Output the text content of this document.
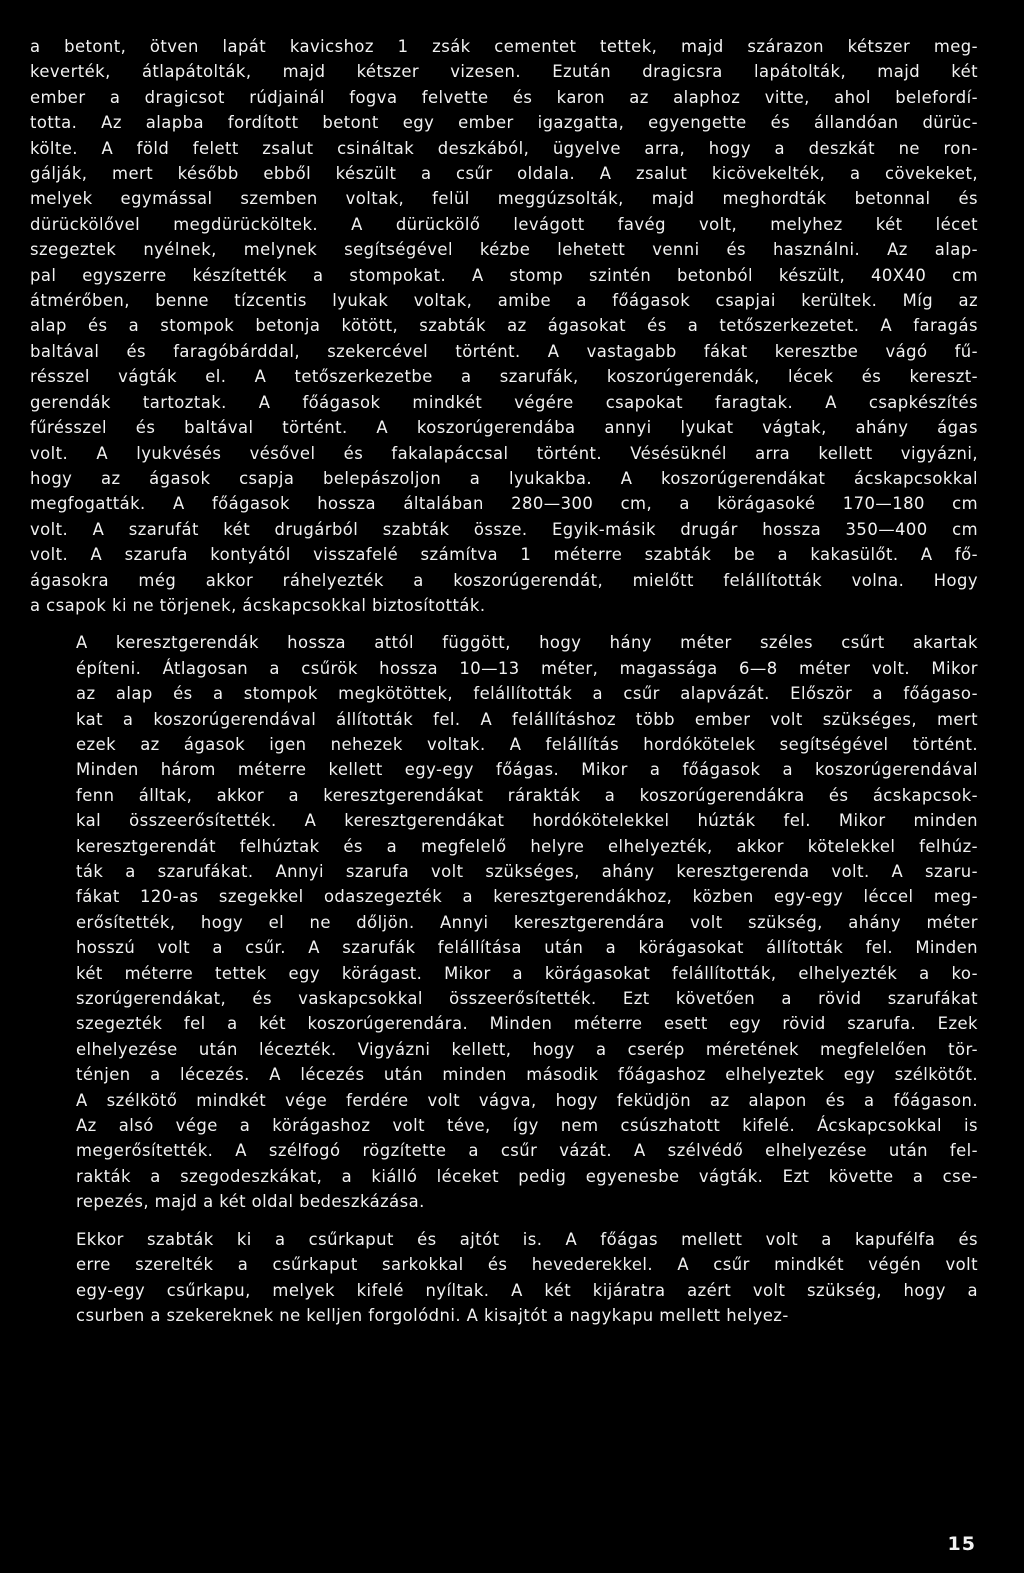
a betont, ötven lapát kavicshoz 1 zsák cementet tettek, majd szárazon kétszer meg-
keverték, átlapátolták, majd kétszer vizesen. Ezután dragicsra lapátolták, majd két
ember a dragicsot rúdjainál fogva felvette és karon az alaphoz vitte, ahol belefordí-
totta. Az alapba fordított betont egy ember igazgatta, egyengette és állandóan dürüc-
költe. A föld felett zsalut csináltak deszkából, ügyelve arra, hogy a deszkát ne ron-
gálják, mert később ebből készült a csűr oldala. A zsalut kicövekelték, a cövekeket,
melyek egymással szemben voltak, felül meggúzsolták, majd meghordták betonnal és
dürückölővel megdürücköltek. A dürückölő levágott favég volt, melyhez két lécet
szegeztek nyélnek, melynek segítségével kézbe lehetett venni és használni. Az alap-
pal egyszerre készítették a stompokat. A stomp szintén betonból készült, 40X40 cm
átmérőben, benne tízcentis lyukak voltak, amibe a főágasok csapjai kerültek. Míg az
alap és a stompok betonja kötött, szabták az ágasokat és a tetőszerkezetet. A faragás
baltával és faragóbárddal, szekercével történt. A vastagabb fákat keresztbe vágó fű-
résszel vágták el. A tetőszerkezetbe a szarufák, koszorúgerendák, lécek és kereszt-
gerendák tartoztak. A főágasok mindkét végére csapokat faragtak. A csapkészítés
fűrésszel és baltával történt. A koszorúgerendába annyi lyukat vágtak, ahány ágas
volt. A lyukvésés vésővel és fakalapáccsal történt. Vésésüknél arra kellett vigyázni,
hogy az ágasok csapja belepászoljon a lyukakba. A koszorúgerendákat ácskapcsokkal
megfogatták. A főágasok hossza általában 280—300 cm, a körágasoké 170—180 cm
volt. A szarufát két drugárból szabták össze. Egyik-másik drugár hossza 350—400 cm
volt. A szarufa kontyától visszafelé számítva 1 méterre szabták be a kakasülőt. A fő-
ágasokra még akkor ráhelyezték a koszorúgerendát, mielőtt felállították volna. Hogy
a csapok ki ne törjenek, ácskapcsokkal biztosították.

A keresztgerendák hossza attól függött, hogy hány méter széles csűrt akartak
építeni. Átlagosan a csűrök hossza 10—13 méter, magassága 6—8 méter volt. Mikor
az alap és a stompok megkötöttek, felállították a csűr alapvázát. Először a főágaso-
kat a koszorúgerendával állították fel. A felállításhoz több ember volt szükséges, mert
ezek az ágasok igen nehezek voltak. A felállítás hordókötelek segítségével történt.
Minden három méterre kellett egy-egy főágas. Mikor a főágasok a koszorúgerendával
fenn álltak, akkor a keresztgerendákat rárakták a koszorúgerendákra és ácskapcsok-
kal összeerősítették. A keresztgerendákat hordókötelekkel húzták fel. Mikor minden
keresztgerendát felhúztak és a megfelelő helyre elhelyezték, akkor kötelekkel felhúz-
ták a szarufákat. Annyi szarufa volt szükséges, ahány keresztgerenda volt. A szaru-
fákat 120-as szegekkel odaszegezték a keresztgerendákhoz, közben egy-egy léccel meg-
erősítették, hogy el ne dőljön. Annyi keresztgerendára volt szükség, ahány méter
hosszú volt a csűr. A szarufák felállítása után a körágasokat állították fel. Minden
két méterre tettek egy körágast. Mikor a körágasokat felállították, elhelyezték a ko-
szorúgerendákat, és vaskapcsokkal összeerősítették. Ezt követően a rövid szarufákat
szegezték fel a két koszorúgerendára. Minden méterre esett egy rövid szarufa. Ezek
elhelyezése után lécezték. Vigyázni kellett, hogy a cserép méretének megfelelően tör-
ténjen a lécezés. A lécezés után minden második főágashoz elhelyeztek egy szélkötőt.
A szélkötő mindkét vége ferdére volt vágva, hogy feküdjön az alapon és a főágason.
Az alsó vége a körágashoz volt téve, így nem csúszhatott kifelé. Ácskapcsokkal is
megerősítették. A szélfogó rögzítette a csűr vázát. A szélvédő elhelyezése után fel-
rakták a szegodeszkákat, a kiálló léceket pedig egyenesbe vágták. Ezt követte a cse-
repezés, majd a két oldal bedeszkázása.

Ekkor szabták ki a csűrkaput és ajtót is. A főágas mellett volt a kapufélfa és
erre szerelték a csűrkaput sarkokkal és hevederekkel. A csűr mindkét végén volt
egy-egy csűrkapu, melyek kifelé nyíltak. A két kijáratra azért volt szükség, hogy a
csurben a szekereknek ne kelljen forgolódni. A kisajtót a nagykapu mellett helyez-

15
